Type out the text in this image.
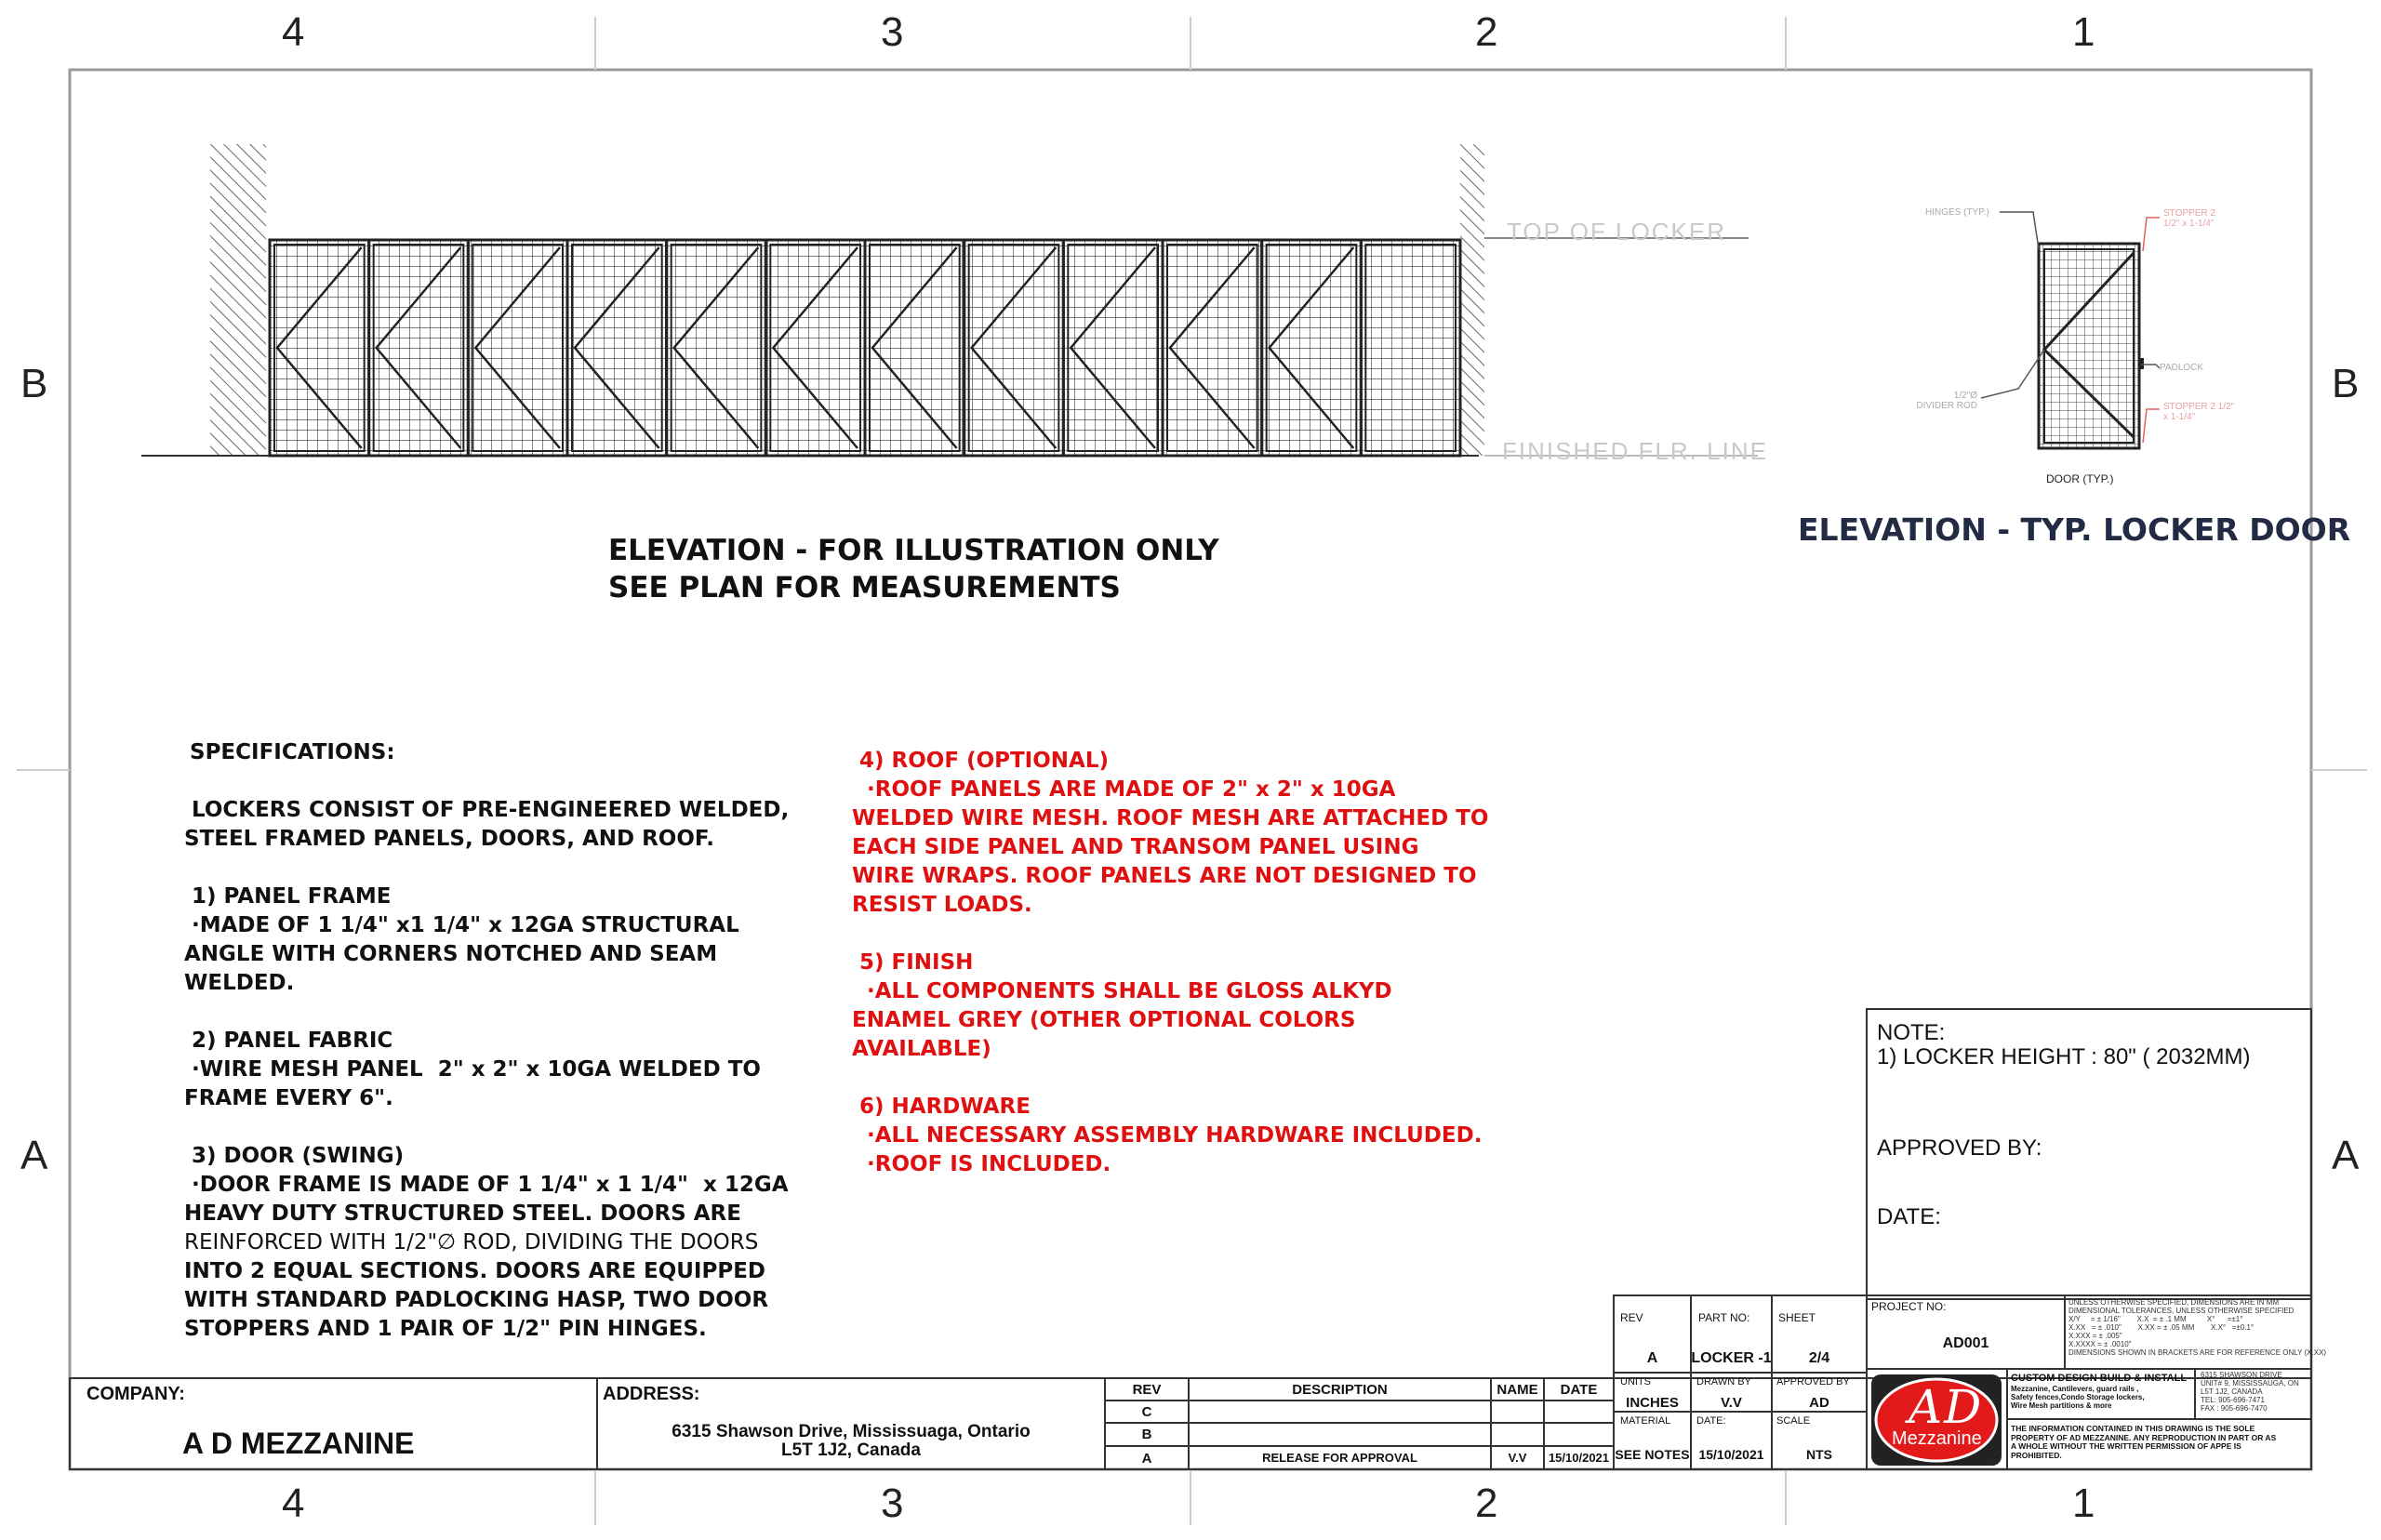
4	3	2	1
4	3	2	1
B	B
A	A
TOP OF LOCKER
FINISHED FLR. LINE
ELEVATION - FOR ILLUSTRATION ONLY
SEE PLAN FOR MEASUREMENTS
HINGES (TYP.)	STOPPER 2
1/2" x 1-1/4"
PADLOCK
1/2"Ø
DIVIDER ROD	STOPPER 2 1/2"
x 1-1/4"
DOOR (TYP.)
ELEVATION - TYP. LOCKER DOOR
SPECIFICATIONS:
LOCKERS CONSIST OF PRE-ENGINEERED WELDED,
STEEL FRAMED PANELS, DOORS, AND ROOF.
1) PANEL FRAME
·MADE OF 1 1/4" x1 1/4" x 12GA STRUCTURAL
ANGLE WITH CORNERS NOTCHED AND SEAM
WELDED.
2) PANEL FABRIC
·WIRE MESH PANEL  2" x 2" x 10GA WELDED TO
FRAME EVERY 6".
3) DOOR (SWING)
·DOOR FRAME IS MADE OF 1 1/4" x 1 1/4"  x 12GA
HEAVY DUTY STRUCTURED STEEL. DOORS ARE
REINFORCED WITH 1/2"∅ ROD, DIVIDING THE DOORS
INTO 2 EQUAL SECTIONS. DOORS ARE EQUIPPED
WITH STANDARD PADLOCKING HASP, TWO DOOR
STOPPERS AND 1 PAIR OF 1/2" PIN HINGES.
4) ROOF (OPTIONAL)
·ROOF PANELS ARE MADE OF 2" x 2" x 10GA
WELDED WIRE MESH. ROOF MESH ARE ATTACHED TO
EACH SIDE PANEL AND TRANSOM PANEL USING
WIRE WRAPS. ROOF PANELS ARE NOT DESIGNED TO
RESIST LOADS.
5) FINISH
·ALL COMPONENTS SHALL BE GLOSS ALKYD
ENAMEL GREY (OTHER OPTIONAL COLORS
AVAILABLE)
6) HARDWARE
·ALL NECESSARY ASSEMBLY HARDWARE INCLUDED.
·ROOF IS INCLUDED.
NOTE:
1) LOCKER HEIGHT : 80" ( 2032MM)
APPROVED BY:
DATE:
COMPANY:
A D MEZZANINE
ADDRESS:
6315 Shawson Drive, Mississuaga, Ontario
L5T 1J2, Canada
REV	DESCRIPTION	NAME	DATE
C
B
A	RELEASE FOR APPROVAL	V.V	15/10/2021
REV
A
PART NO:
LOCKER -1
SHEET
2/4
UNITS
INCHES
DRAWN BY
V.V
APPROVED BY
AD
MATERIAL
SEE NOTES
DATE:
15/10/2021
SCALE
NTS
PROJECT NO:
AD001
UNLESS OTHERWISE SPECIFIED, DIMENSIONS ARE IN MM
DIMENSIONAL TOLERANCES, UNLESS OTHERWISE SPECIFIED
X/Y     = ± 1/16"        X.X  = ± .1 MM          X°      =±1°
X.XX   = ± .010"        X.XX = ± .05 MM        X.X°   =±0.1°
X.XXX = ± .005"
X.XXXX = ± .0010"
DIMENSIONS SHOWN IN BRACKETS ARE FOR REFERENCE ONLY (X.XX)
AD
Mezzanine
CUSTOM DESIGN BUILD & INSTALL
Mezzanine, Cantilevers, guard rails ,
Safety fences,Condo Storage lockers,
Wire Mesh partitions & more
6315 SHAWSON DRIVE
UNIT# 9, MISSISSAUGA, ON
L5T 1J2, CANADA
TEL: 905-696-7471
FAX : 905-696-7470
THE INFORMATION CONTAINED IN THIS DRAWING IS THE SOLE
PROPERTY OF AD MEZZANINE. ANY REPRODUCTION IN PART OR AS
A WHOLE WITHOUT THE WRITTEN PERMISSION OF APPE IS
PROHIBITED.
